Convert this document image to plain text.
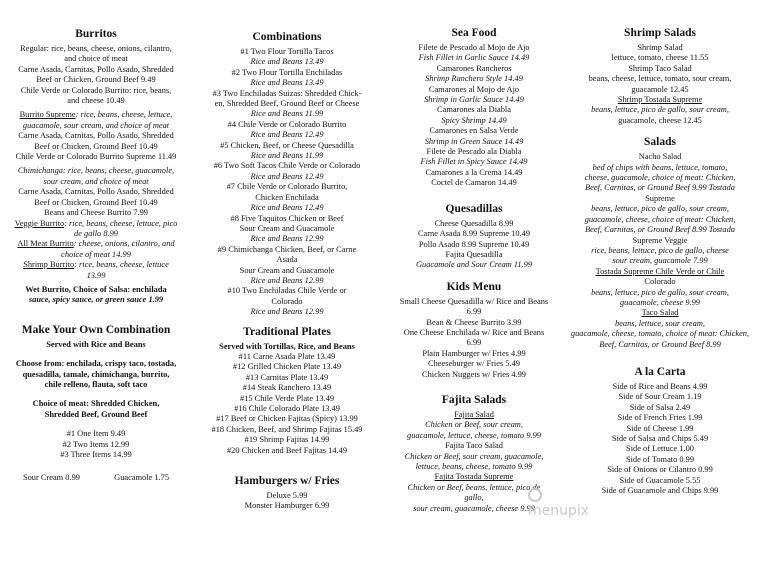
Burritos
Regular: rice, beans, cheese, onions, cilantro,
and choice of meat
Carne Asada, Carnitas, Pollo Asado, Shredded
Beef or Chicken, Ground Beef 9.49
Chile Verde or Colorado Burrito: rice, beans,
and cheese 10.49
Burrito Supreme: rice, beans, cheese, lettuce,
guacamole, sour cream, and choice of meat
Carne Asada, Carnitas, Pollo Asado, Shredded
Beef or Chicken, Ground Beef 10.49
Chile Verde or Colorado Burrito Supreme 11.49
Chimichanga: rice, beans, cheese, guacamole,
sour cream, and choice of meat
Carne Asada, Carnitas, Pollo Asado, Shredded
Beef or Chicken, Ground Beef 10.49
Beans and Cheese Burrito 7.99
Veggie Burrito: rice, beans, cheese, lettuce, pico
de gallo 8.99
All Meat Burrito: cheese, onions, cilantro, and
choice of meat 14.99
Shrimp Burrito: rice, beans, cheese, lettuce
13.99
Wet Burrito, Choice of Salsa: enchilada
sauce, spicy sauce, or green sauce 1.99
Make Your Own Combination
Served with Rice and Beans
Choose from: enchilada, crispy taco, tostada,
quesadilla, tamale, chimichanga, burrito,
chile relleno, flauta, soft taco
Choice of meat: Shredded Chicken,
Shredded Beef, Ground Beef
#1 One Item 9.49
#2 Two Items 12.99
#3 Three Items 14.99
Sour Cream 0.99	Guacamole 1.75
Combinations
#1 Two Flour Tortilla Tacos
Rice and Beans 13.49
#2 Two Flour Tortilla Enchiladas
Rice and Beans 13.49
#3 Two Enchiladas Suizas: Shredded Chick-
en, Shredded Beef, Ground Beef or Cheese
Rice and Beans 11.99
#4 Chile Verde or Colorado Burrito
Rice and Beans 12.49
#5 Chicken, Beef, or Cheese Quesadilla
Rice and Beans 11.99
#6 Two Soft Tacos Chile Verde or Colorado
Rice and Beans 12.49
#7 Chile Verde or Colorado Burrito,
Chicken Enchilada
Rice and Beans 12.49
#8 Five Taquitos Chicken or Beef
Sour Cream and Guacamole
Rice and Beans 12.99
#9 Chimichanga Chicken, Beef, or Carne
Asada
Sour Cream and Guacamole
Rice and Beans 12.99
#10 Two Enchiladas Chile Verde or
Colorado
Rice and Beans 12.99
Traditional Plates
Served with Tortillas, Rice, and Beans
#11 Carne Asada Plate 13.49
#12 Grilled Chicken Plate 13.49
#13 Carnitas Plate 13.49
#14 Steak Ranchero 13.49
#15 Chile Verde Plate 13.49
#16 Chile Colorado Plate 13.49
#17 Beef or Chicken Fajitas (Spicy) 13.99
#18 Chicken, Beef, and Shrimp Fajitas 15.49
#19 Shrimp Fajitas 14.99
#20 Chicken and Beef Fajitas 14.49
Hamburgers w/ Fries
Deluxe 5.99
Monster Hamburger 6.99
Sea Food
Filete de Pescado al Mojo de Ajo
Fish Fillet in Garlic Sauce 14.49
Camarones Rancheros
Shrimp Ranchero Style 14.49
Camarones al Mojo de Ajo
Shrimp in Garlic Sauce 14.49
Camarones ala Diabla
Spicy Shrimp 14.49
Camarones en Salsa Verde
Shrimp in Green Sauce 14.49
Filete de Pescado ala Diabla
Fish Fillet in Spicy Sauce 14.49
Camarones a la Crema 14.49
Coctel de Camaron 14.49
Quesadillas
Cheese Quesadilla 8.99
Carne Asada 8.99 Supreme 10.49
Pollo Asado 8.99 Supreme 10.49
Fajita Quesadilla
Guacamole and Sour Cream 11.99
Kids Menu
Small Cheese Quesadilla w/ Rice and Beans
6.99
Bean & Cheese Burrito 3.99
One Cheese Enchilada w/ Rice and Beans
6.99
Plain Hamburger w/ Fries 4.99
Cheeseburger w/ Fries 5.49
Chicken Nuggets w/ Fries 4.99
Fajita Salads
Fajita Salad
Chicken or Beef, sour cream,
guacamole, lettuce, cheese, tomato 9.99
Fajita Taco Salad
Chicken or Beef, sour cream, guacamole,
lettuce, beans, cheese, tomato 9.99
Fajita Tostada Supreme
Chicken or Beef, beans, lettuce, pico de
gallo,
sour cream, guacamole, cheese 9.99
Shrimp Salads
Shrimp Salad
lettuce, tomato, cheese 11.55
Shrimp Taco Salad
beans, cheese, lettuce, tomato, sour cream,
guacamole 12.45
Shrimp Tostada Supreme
beans, lettuce, pico de gallo, sour cream,
guacamole, cheese 12.45
Salads
Nacho Salad
bed of chips with beans, lettuce, tomato,
cheese, guacamole, choice of meat: Chicken,
Beef, Carnitas, or Ground Beef 9.99 Tostada
Supreme
beans, lettuce, pico de gallo, sour cream,
guacamole, cheese, choice of meat: Chicken,
Beef, Carnitas, or Ground Beef 8.99 Tostada
Supreme Veggie
rice, beans, lettuce, pico de gallo, cheese
sour cream, guacamole 7.99
Tostada Supreme Chile Verde or Chile
Colorado
beans, lettuce, pico de gallo, sour cream,
guacamole, cheese 9.99
Taco Salad
beans, lettuce, sour cream,
guacamole, cheese, tomato, choice of meat: Chicken,
Beef, Carnitas, or Ground Beef 8.99
A la Carta
Side of Rice and Beans 4.99
Side of Sour Cream 1.19
Side of Salsa 2.49
Side of French Fries 1.99
Side of Cheese 1.99
Side of Salsa and Chips 5.49
Side of Lettuce 1.00
Side of Tomato 0.99
Side of Onions or Cilantro 0.99
Side of Guacamole 5.55
Side of Guacamole and Chips 9.99
menupix
